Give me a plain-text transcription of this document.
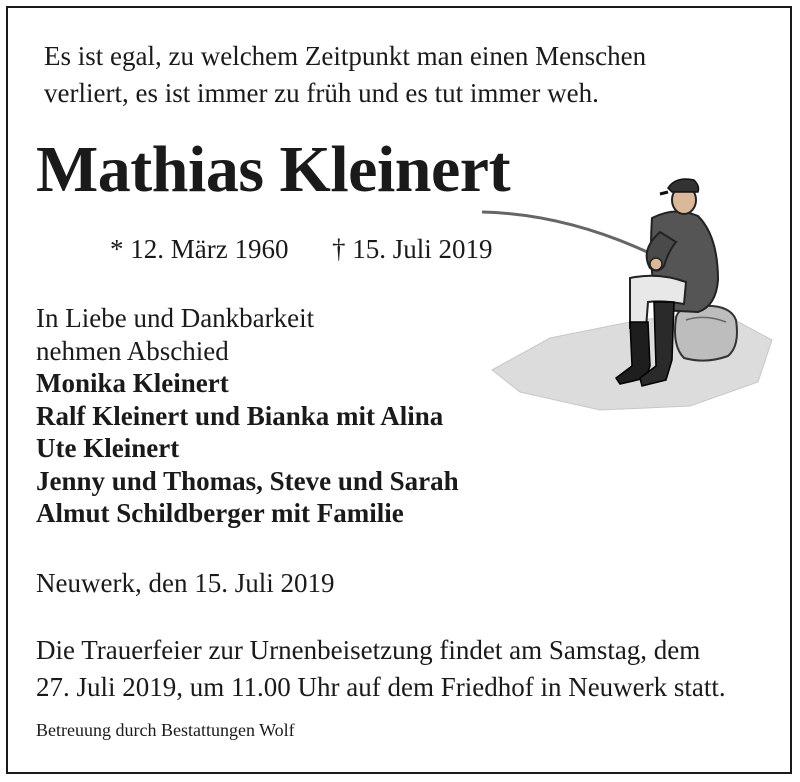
Es ist egal, zu welchem Zeitpunkt man einen Menschen
verliert, es ist immer zu früh und es tut immer weh.
Mathias Kleinert
* 12. März 1960 † 15. Juli 2019
In Liebe und Dankbarkeit
nehmen Abschied
Monika Kleinert
Ralf Kleinert und Bianka mit Alina
Ute Kleinert
Jenny und Thomas, Steve und Sarah
Almut Schildberger mit Familie
Neuwerk, den 15. Juli 2019
Die Trauerfeier zur Urnenbeisetzung findet am Samstag, dem
27. Juli 2019, um 11.00 Uhr auf dem Friedhof in Neuwerk statt.
Betreuung durch Bestattungen Wolf
